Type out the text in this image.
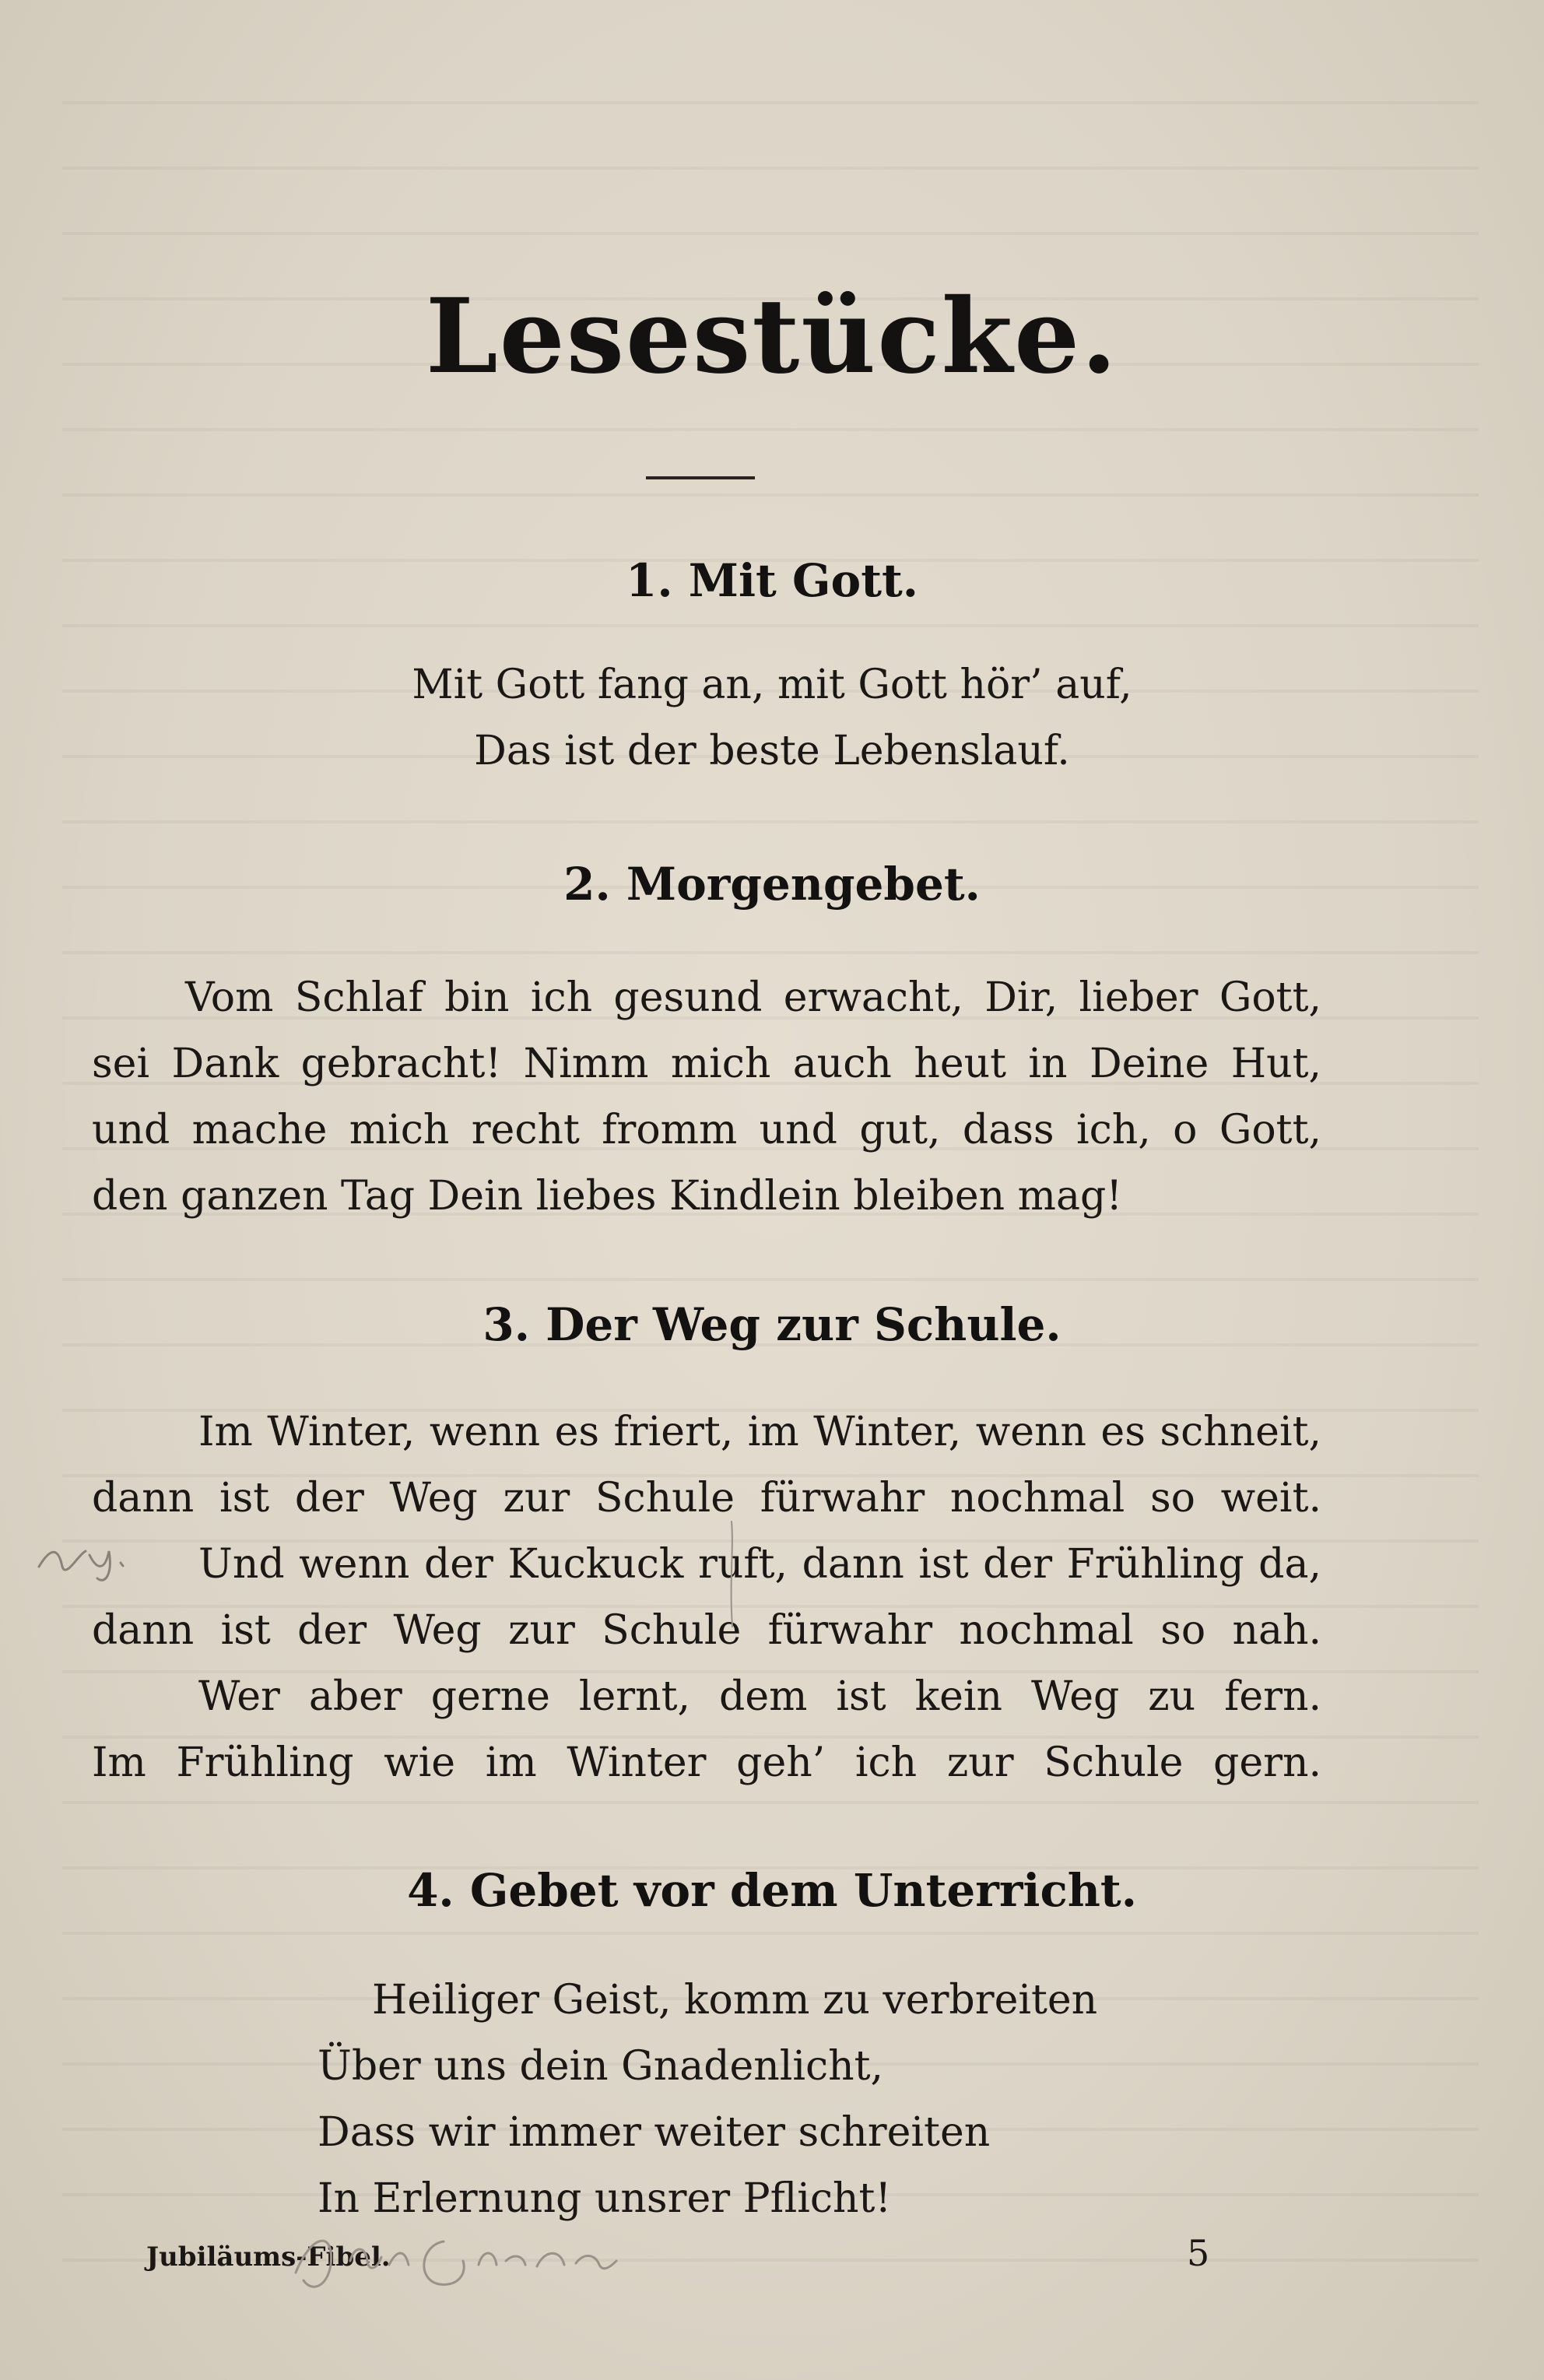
Lesestücke.
1. Mit Gott.
Mit Gott fang an, mit Gott hör’ auf,
Das ist der beste Lebenslauf.
2. Morgengebet.
Vom Schlaf bin ich gesund erwacht, Dir, lieber Gott,
sei Dank gebracht! Nimm mich auch heut in Deine Hut,
und mache mich recht fromm und gut, dass ich, o Gott,
den ganzen Tag Dein liebes Kindlein bleiben mag!
3. Der Weg zur Schule.
Im Winter, wenn es friert, im Winter, wenn es schneit,
dann ist der Weg zur Schule fürwahr nochmal so weit.
Und wenn der Kuckuck ruft, dann ist der Frühling da,
dann ist der Weg zur Schule fürwahr nochmal so nah.
Wer aber gerne lernt, dem ist kein Weg zu fern.
Im Frühling wie im Winter geh’ ich zur Schule gern.
4. Gebet vor dem Unterricht.
Heiliger Geist, komm zu verbreiten
Über uns dein Gnadenlicht,
Dass wir immer weiter schreiten
In Erlernung unsrer Pflicht!
Jubiläums-Fibel.	5
